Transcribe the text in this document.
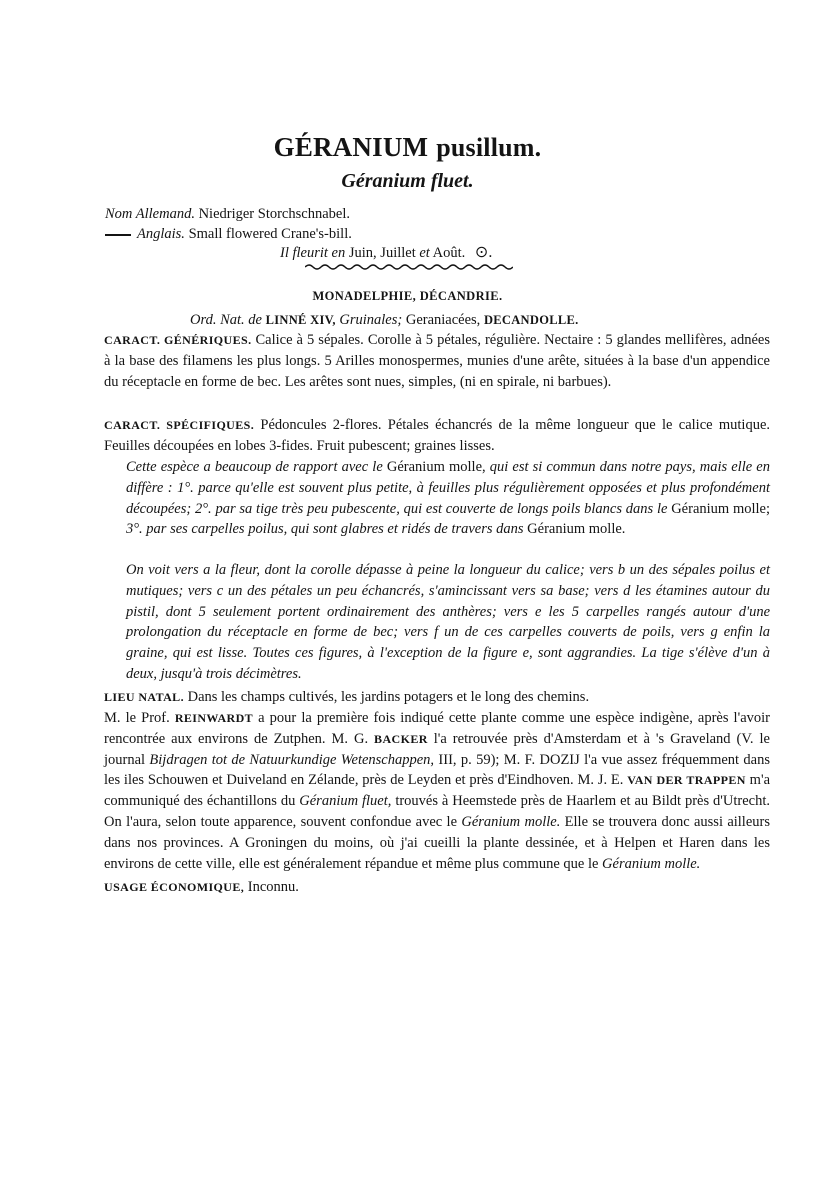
GÉRANIUM pusillum.
Géranium fluet.
Nom Allemand. Niedriger Storchschnabel.
Anglais. Small flowered Crane's-bill.
Il fleurit en Juin, Juillet et Août. ⊙.
MONADELPHIE, DÉCANDRIE.
Ord. Nat. de LINNÉ XIV, Gruinales; Geraniacées, DECANDOLLE.

CARACT. GÉNÉRIQUES. Calice à 5 sépales. Corolle à 5 pétales, régulière. Nectaire : 5 glandes mellifères, adnées à la base des filamens les plus longs. 5 Arilles monospermes, munies d'une arête, situées à la base d'un appendice du réceptacle en forme de bec. Les arêtes sont nues, simples, (ni en spirale, ni barbues).

CARACT. SPÉCIFIQUES. Pédoncules 2-flores. Pétales échancrés de la même longueur que le calice mutique. Feuilles découpées en lobes 3-fides. Fruit pubescent; graines lisses.

Cette espèce a beaucoup de rapport avec le Géranium molle, qui est si commun dans notre pays, mais elle en diffère : 1°. parce qu'elle est souvent plus petite, à feuilles plus régulièrement opposées et plus profondément découpées; 2°. par sa tige très peu pubescente, qui est couverte de longs poils blancs dans le Géranium molle; 3°. par ses carpelles poilus, qui sont glabres et ridés de travers dans Géranium molle.

On voit vers a la fleur, dont la corolle dépasse à peine la longueur du calice; vers b un des sépales poilus et mutiques; vers c un des pétales un peu échancrés, s'amincissant vers sa base; vers d les étamines autour du pistil, dont 5 seulement portent ordinairement des anthères; vers e les 5 carpelles rangés autour d'une prolongation du réceptacle en forme de bec; vers f un de ces carpelles couverts de poils, vers g enfin la graine, qui est lisse. Toutes ces figures, à l'exception de la figure e, sont aggrandies. La tige s'élève d'un à deux, jusqu'à trois décimètres.

LIEU NATAL. Dans les champs cultivés, les jardins potagers et le long des chemins.

M. le Prof. REINWARDT a pour la première fois indiqué cette plante comme une espèce indigène, après l'avoir rencontrée aux environs de Zutphen. M. G. BACKER l'a retrouvée près d'Amsterdam et à 's Graveland (V. le journal Bijdragen tot de Natuurkundige Wetenschappen, III, p. 59); M. F. DOZIJ l'a vue assez fréquemment dans les iles Schouwen et Duiveland en Zélande, près de Leyden et près d'Eindhoven. M. J. E. VAN DER TRAPPEN m'a communiqué des échantillons du Géranium fluet, trouvés à Heemstede près de Haarlem et au Bildt près d'Utrecht. On l'aura, selon toute apparence, souvent confondue avec le Géranium molle. Elle se trouvera donc aussi ailleurs dans nos provinces. A Groningen du moins, où j'ai cueilli la plante dessinée, et à Helpen et Haren dans les environs de cette ville, elle est généralement répandue et même plus commune que le Géranium molle.

USAGE ÉCONOMIQUE, Inconnu.
